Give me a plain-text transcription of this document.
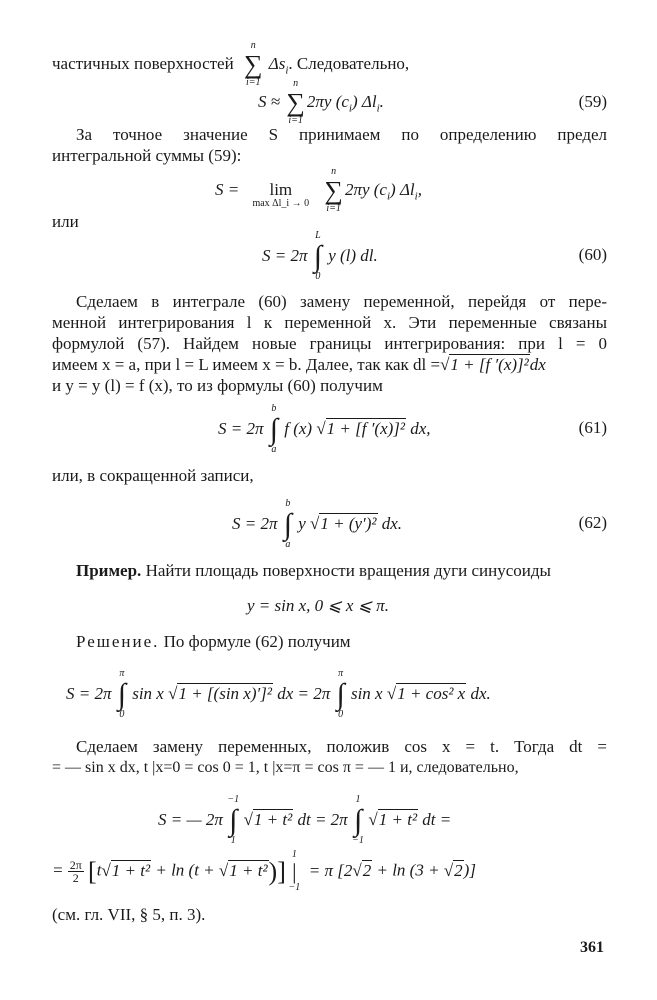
частичных поверхностей ∑
n
i=1
$\Delta s_i$. Следовательно,
S ≈ ∑
n
i=1
2πy $(c_i)$ $\Delta l_i$.	(59)
За точное значение S принимаем по определению предел
интегральной суммы (59):
S = lim
max Δl_i → 0 ∑
n
i=1
2πy $(c_i)$ $\Delta l_i$,
или
S = 2π ∫
L
0
y (l) dl.	(60)
Сделаем в интеграле (60) замену переменной, перейдя от пере-
менной интегрирования l к переменной x. Эти переменные связаны
формулой (57). Найдем новые границы интегрирования: при l = 0
имеем x = a, при l = L имеем x = b. Далее, так как dl =√1 + [f ′(x)]²dx
и y = y (l) = f (x), то из формулы (60) получим
S = 2π ∫
b
a
f (x) √1 + [f ′(x)]² dx,	(61)
или, в сокращенной записи,
S = 2π ∫
b
a
y √1 + (y′)² dx.	(62)
Пример. Найти площадь поверхности вращения дуги синусоиды
y = sin x, 0 ⩽ x ⩽ π.
Решение. По формуле (62) получим
S = 2π ∫
π
0
sin x √1 + [(sin x)′]² dx = 2π ∫
π
0
sin x √1 + cos² x dx.
Сделаем замену переменных, положив cos x = t. Тогда dt =
= — sin x dx, t |x=0 = cos 0 = 1, t |x=π = cos π = — 1 и, следовательно,
S = — 2π ∫
−1
1
√1 + t² dt = 2π ∫
1
−1
√1 + t² dt =
= $\frac{2\pi}{2} [t√1 + t^2 + \ln (t + √1 + t^2)]$ |
1
−1
= π [2√2 + ln (3 + √2)]
(см. гл. VII, § 5, п. 3).
361
